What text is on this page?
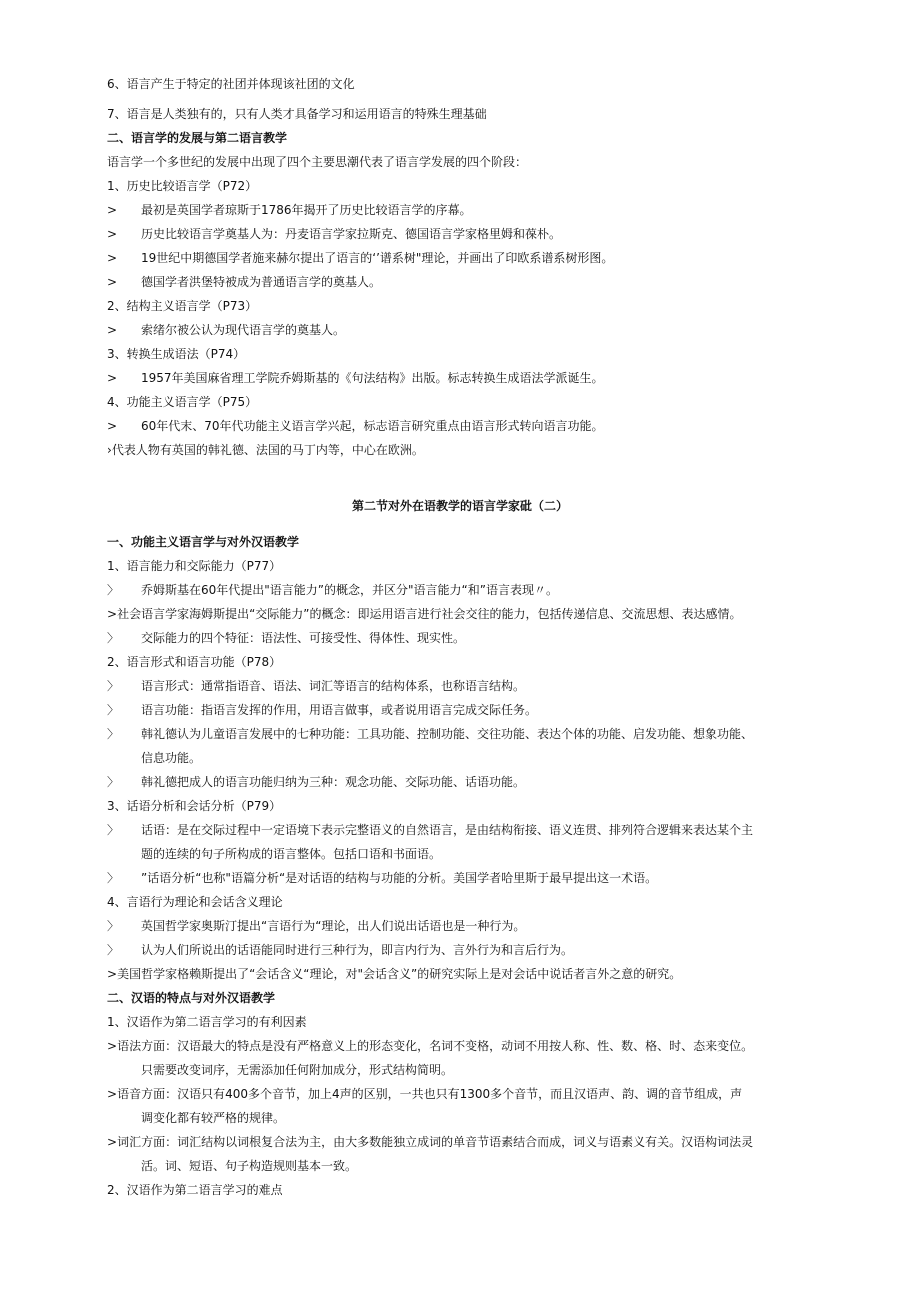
6、语言产生于特定的社团并体现该社团的文化
7、语言是人类独有的，只有人类才具备学习和运用语言的特殊生理基础
二、语言学的发展与第二语言教学
语言学一个多世纪的发展中出现了四个主要思潮代表了语言学发展的四个阶段：
1、历史比较语言学（P72）
> 最初是英国学者琼斯于1786年揭开了历史比较语言学的序幕。
> 历史比较语言学奠基人为：丹麦语言学家拉斯克、德国语言学家格里姆和葆朴。
> 19世纪中期德国学者施来赫尔提出了语言的‘’谱系树"理论，并画出了印欧系谱系树形图。
> 德国学者洪堡特被成为普通语言学的奠基人。
2、结构主义语言学（P73）
> 索绪尔被公认为现代语言学的奠基人。
3、转换生成语法（P74）
> 1957年美国麻省理工学院乔姆斯基的《句法结构》出版。标志转换生成语法学派诞生。
4、功能主义语言学（P75）
> 60年代末、70年代功能主义语言学兴起，标志语言研究重点由语言形式转向语言功能。
›代表人物有英国的韩礼德、法国的马丁内等，中心在欧洲。
第二节对外在语教学的语言学家砒（二）
一、功能主义语言学与对外汉语教学
1、语言能力和交际能力（P77）
〉 乔姆斯基在60年代提出"语言能力”的概念，并区分"语言能力“和”语言表现〃。
>社会语言学家海姆斯提出“交际能力”的概念：即运用语言进行社会交往的能力，包括传递信息、交流思想、表达感情。
〉 交际能力的四个特征：语法性、可接受性、得体性、现实性。
2、语言形式和语言功能（P78）
〉 语言形式：通常指语音、语法、词汇等语言的结构体系，也称语言结构。
〉 语言功能：指语言发挥的作用，用语言做事，或者说用语言完成交际任务。
〉 韩礼德认为儿童语言发展中的七种功能：工具功能、控制功能、交往功能、表达个体的功能、启发功能、想象功能、
信息功能。
〉 韩礼德把成人的语言功能归纳为三种：观念功能、交际功能、话语功能。
3、话语分析和会话分析（P79）
〉 话语：是在交际过程中一定语境下表示完整语义的自然语言，是由结构衔接、语义连贯、排列符合逻辑来表达某个主
题的连续的句子所构成的语言整体。包括口语和书面语。
〉 ”话语分析“也称"语篇分析“是对话语的结构与功能的分析。美国学者哈里斯于最早提出这一术语。
4、言语行为理论和会话含义理论
〉 英国哲学家奥斯汀提出“言语行为“理论，出人们说出话语也是一种行为。
〉 认为人们所说出的话语能同时进行三种行为，即言内行为、言外行为和言后行为。
>美国哲学家格赖斯提出了“会话含义“理论，对"会话含义”的研究实际上是对会话中说话者言外之意的研究。
二、汉语的特点与对外汉语教学
1、汉语作为第二语言学习的有利因素
>语法方面：汉语最大的特点是没有严格意义上的形态变化，名词不变格，动词不用按人称、性、数、格、时、态来变位。
只需要改变词序，无需添加任何附加成分，形式结构简明。
>语音方面：汉语只有400多个音节，加上4声的区别，一共也只有1300多个音节，而且汉语声、韵、调的音节组成，声
调变化都有较严格的规律。
>词汇方面：词汇结构以词根复合法为主，由大多数能独立成词的单音节语素结合而成，词义与语素义有关。汉语构词法灵
活。词、短语、句子构造规则基本一致。
2、汉语作为第二语言学习的难点
